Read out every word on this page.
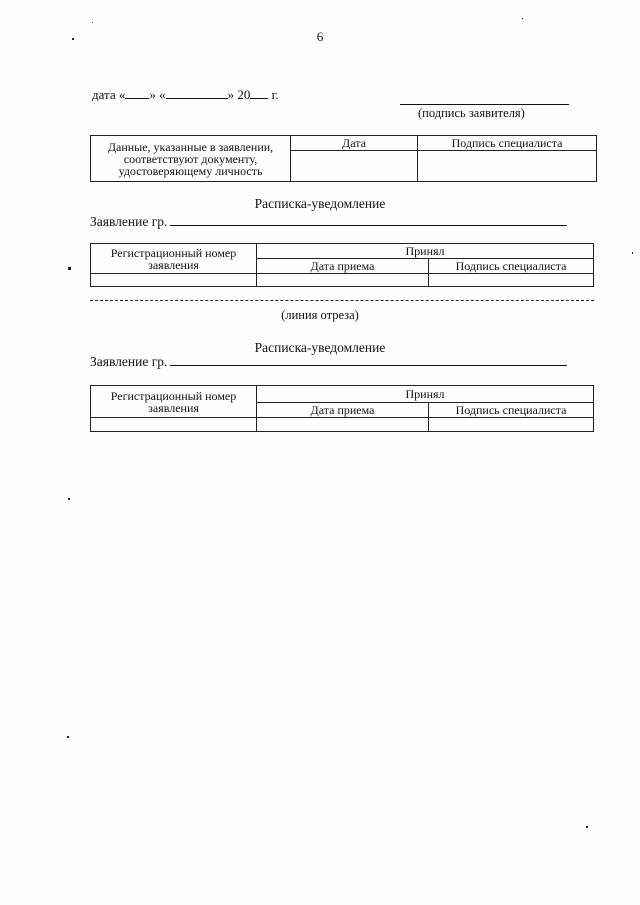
6
дата « » «	» 20 г.
(подпись заявителя)
Данные, указанные в заявлении, соответствуют документу, удостоверяющему личность	Дата	Подпись специалиста

Расписка-уведомление
Заявление гр.
Регистрационный номер заявления	Принял	
	Дата приема	Подпись специалиста

(линия отреза)
Расписка-уведомление
Заявление гр.
Регистрационный номер заявления	Принял	
	Дата приема	Подпись специалиста
